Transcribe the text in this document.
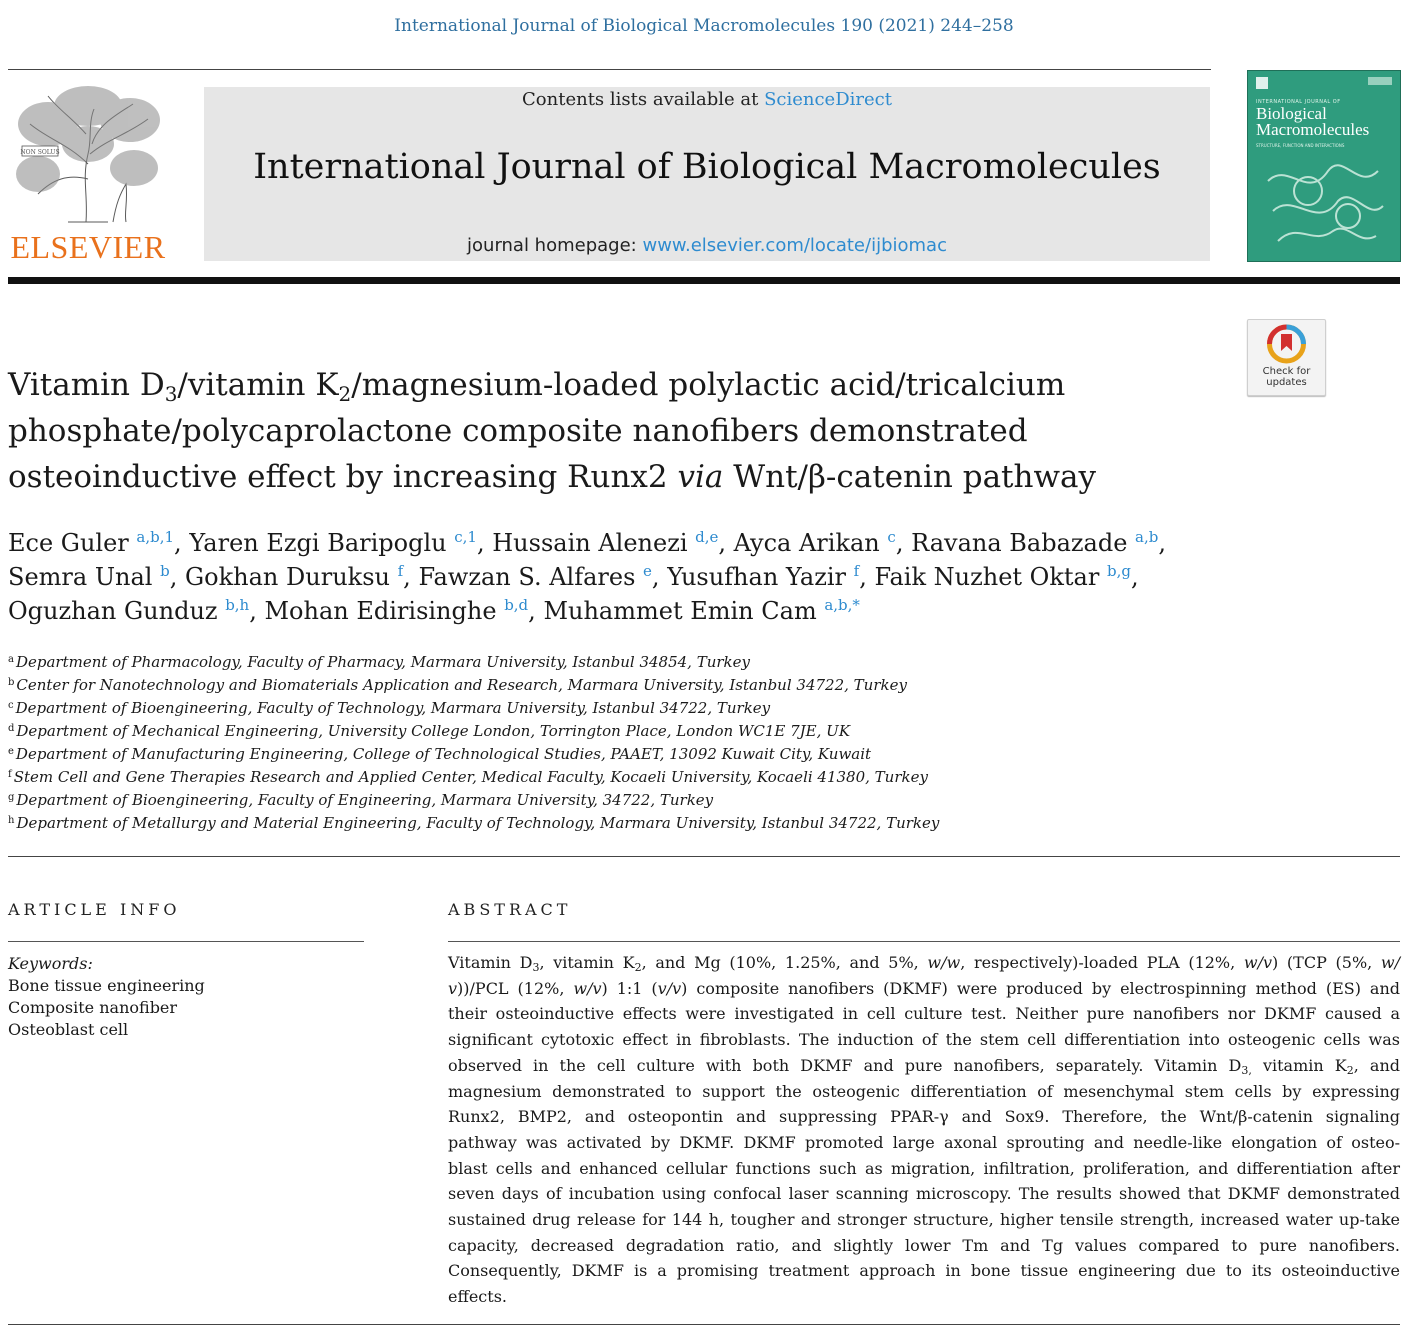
International Journal of Biological Macromolecules 190 (2021) 244–258
NON SOLUS
ELSEVIER
Contents lists available at ScienceDirect
International Journal of Biological Macromolecules
journal homepage: www.elsevier.com/locate/ijbiomac
INTERNATIONAL JOURNAL OF
Biological
Macromolecules
STRUCTURE, FUNCTION AND INTERACTIONS
Check for
updates
Vitamin $D_3$/vitamin $K_2/magnesium$-loaded polylactic acid/tricalcium
phosphate/polycaprolactone composite nanofibers demonstrated
osteoinductive effect by increasing Runx2 via Wnt/β-catenin pathway
Ece Guler $^{a,b,1}$, Yaren Ezgi Baripoglu $^{c,1}$, Hussain Alenezi $^{d,e}$, Ayca Arikan $^c$, Ravana Babazade $^{a,b}$,
Semra Unal $^b$, Gokhan Duruksu $^f$, Fawzan S. Alfares $^e$, Yusufhan Yazir $^f$, Faik Nuzhet Oktar $^{b,g}$,
Oguzhan Gunduz $^{b,h}$, Mohan Edirisinghe $^{b,d}$, Muhammet Emin Cam $^{a,b,*}$
$^a$ Department of Pharmacology, Faculty of Pharmacy, Marmara University, Istanbul 34854, Turkey
$^b$ Center for Nanotechnology and Biomaterials Application and Research, Marmara University, Istanbul 34722, Turkey
$^c$ Department of Bioengineering, Faculty of Technology, Marmara University, Istanbul 34722, Turkey
$^d$ Department of Mechanical Engineering, University College London, Torrington Place, London WC1E 7JE, UK
$^e$ Department of Manufacturing Engineering, College of Technological Studies, PAAET, 13092 Kuwait City, Kuwait
$^f$ Stem Cell and Gene Therapies Research and Applied Center, Medical Faculty, Kocaeli University, Kocaeli 41380, Turkey
$^g$ Department of Bioengineering, Faculty of Engineering, Marmara University, 34722, Turkey
$^h$ Department of Metallurgy and Material Engineering, Faculty of Technology, Marmara University, Istanbul 34722, Turkey
ARTICLE INFO
Keywords:
Bone tissue engineering
Composite nanofiber
Osteoblast cell
ABSTRACT
Vitamin $D_3$, vitamin $K_2$, and Mg (10%, 1.25%, and 5%, w/w, respectively)-loaded PLA (12%, w/v) (TCP (5%, w/
v))/PCL (12%, w/v) 1:1 (v/v) composite nanofibers (DKMF) were produced by electrospinning method (ES) and
their osteoinductive effects were investigated in cell culture test. Neither pure nanofibers nor DKMF caused a
significant cytotoxic effect in fibroblasts. The induction of the stem cell differentiation into osteogenic cells was
observed in the cell culture with both DKMF and pure nanofibers, separately. Vitamin $D_{3,}$ vitamin $K_2$, and
magnesium demonstrated to support the osteogenic differentiation of mesenchymal stem cells by expressing
Runx2, BMP2, and osteopontin and suppressing PPAR-γ and Sox9. Therefore, the Wnt/β-catenin signaling
pathway was activated by DKMF. DKMF promoted large axonal sprouting and needle-like elongation of osteo-
blast cells and enhanced cellular functions such as migration, infiltration, proliferation, and differentiation after
seven days of incubation using confocal laser scanning microscopy. The results showed that DKMF demonstrated
sustained drug release for 144 h, tougher and stronger structure, higher tensile strength, increased water up-take
capacity, decreased degradation ratio, and slightly lower Tm and Tg values compared to pure nanofibers.
Consequently, DKMF is a promising treatment approach in bone tissue engineering due to its osteoinductive
effects.
